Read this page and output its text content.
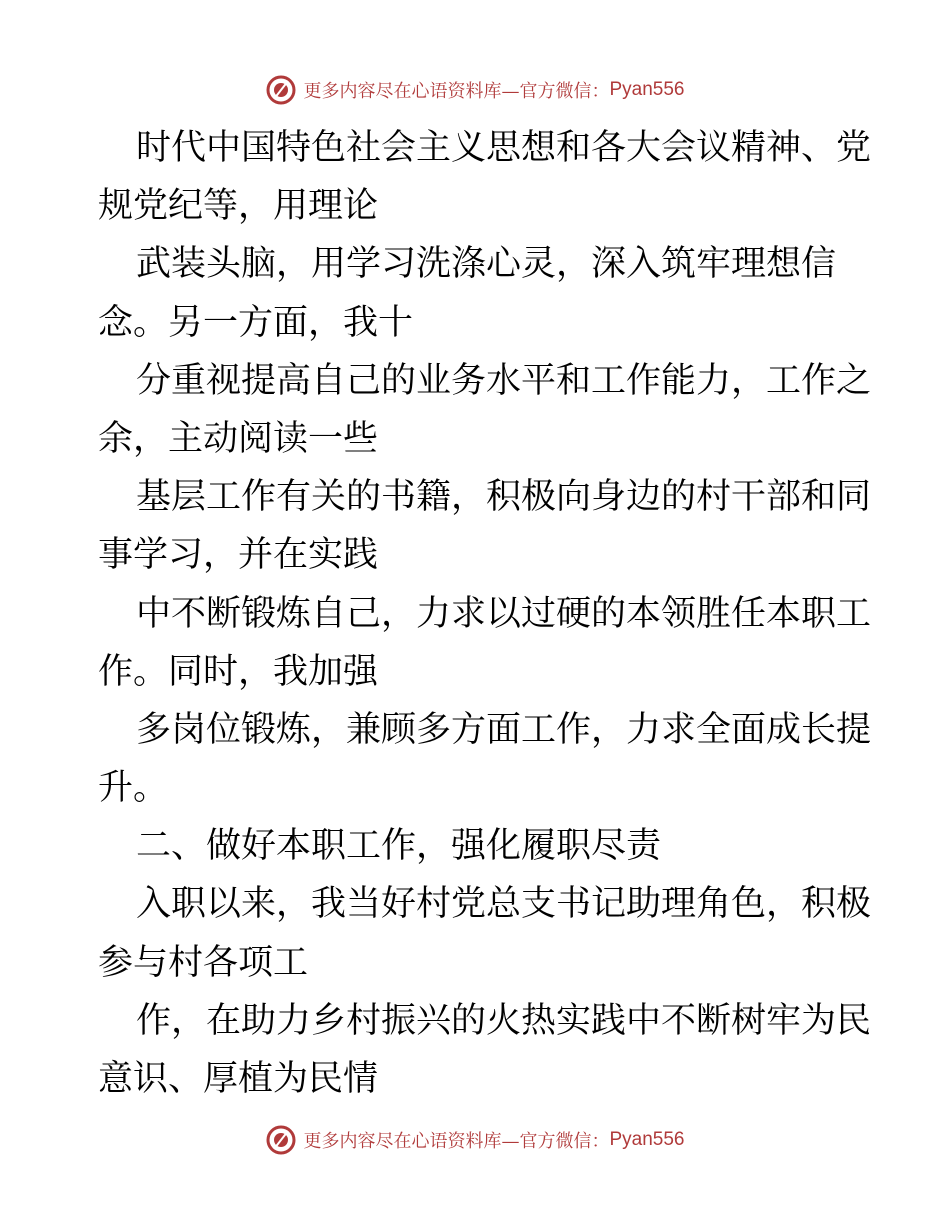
更多内容尽在心语资料库—官方微信： Pyan556
时代中国特色社会主义思想和各大会议精神、党
规党纪等，用理论
武装头脑，用学习洗涤心灵，深入筑牢理想信
念。另一方面，我十
分重视提高自己的业务水平和工作能力，工作之
余，主动阅读一些
基层工作有关的书籍，积极向身边的村干部和同
事学习，并在实践
中不断锻炼自己，力求以过硬的本领胜任本职工
作。同时，我加强
多岗位锻炼，兼顾多方面工作，力求全面成长提
升。
二、做好本职工作，强化履职尽责
入职以来，我当好村党总支书记助理角色，积极
参与村各项工
作，在助力乡村振兴的火热实践中不断树牢为民
意识、厚植为民情
更多内容尽在心语资料库—官方微信： Pyan556
